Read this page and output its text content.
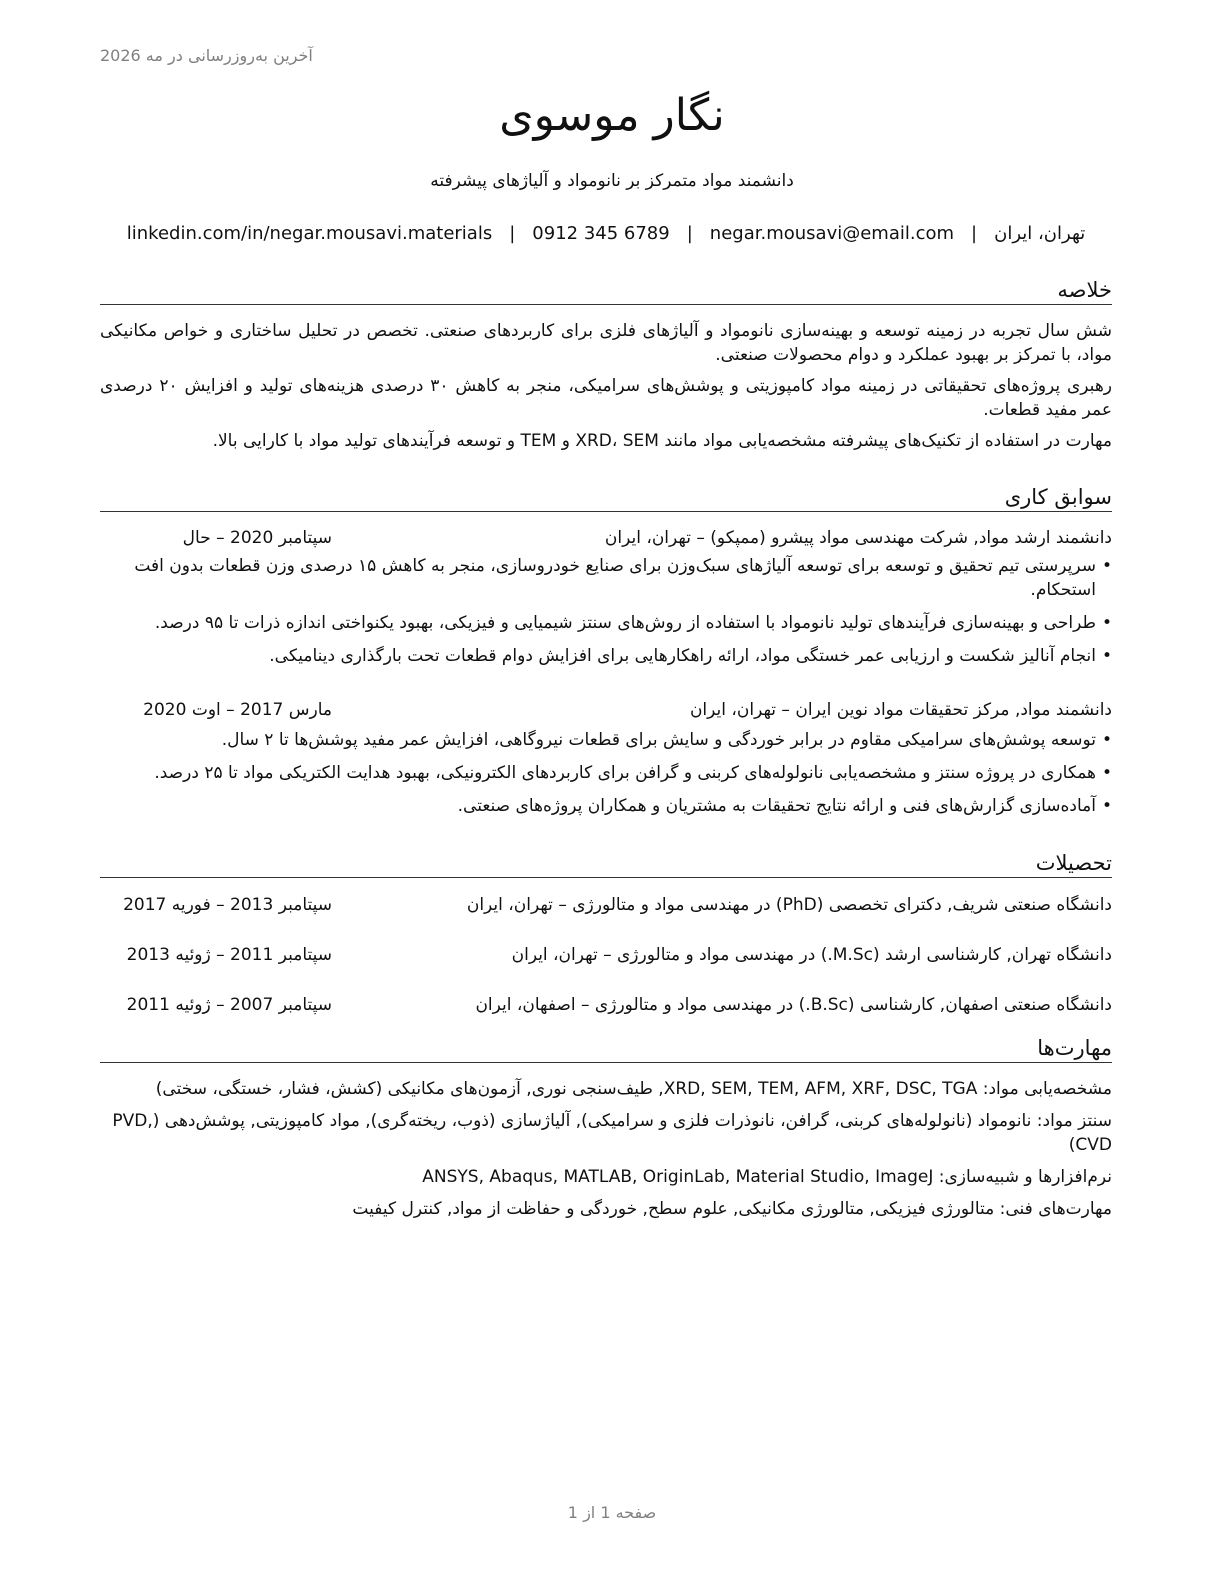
آخرین به‌روزرسانی در مه 2026
نگار موسوی
دانشمند مواد متمرکز بر نانومواد و آلیاژهای پیشرفته
تهران، ایران
|
negar.mousavi@email.com
|
0912 345 6789
|
linkedin.com/in/negar.mousavi.materials
خلاصه

شش سال تجربه در زمینه توسعه و بهینه‌سازی نانومواد و آلیاژهای فلزی برای کاربردهای صنعتی. تخصص در تحلیل ساختاری و خواص مکانیکی مواد، با تمرکز بر بهبود عملکرد و دوام محصولات صنعتی.

رهبری پروژه‌های تحقیقاتی در زمینه مواد کامپوزیتی و پوشش‌های سرامیکی، منجر به کاهش ۳۰ درصدی هزینه‌های تولید و افزایش ۲۰ درصدی عمر مفید قطعات.

مهارت در استفاده از تکنیک‌های پیشرفته مشخصه‌یابی مواد مانند XRD، SEM و TEM و توسعه فرآیندهای تولید مواد با کارایی بالا.

سوابق کاری
دانشمند ارشد مواد, شرکت مهندسی مواد پیشرو (ممپکو) – تهران، ایران
سپتامبر 2020 – حال
• سرپرستی تیم تحقیق و توسعه برای توسعه آلیاژهای سبک‌وزن برای صنایع خودروسازی، منجر به کاهش ۱۵ درصدی وزن قطعات بدون افت استحکام.
• طراحی و بهینه‌سازی فرآیندهای تولید نانومواد با استفاده از روش‌های سنتز شیمیایی و فیزیکی، بهبود یکنواختی اندازه ذرات تا ۹۵ درصد.
• انجام آنالیز شکست و ارزیابی عمر خستگی مواد، ارائه راهکارهایی برای افزایش دوام قطعات تحت بارگذاری دینامیکی.
دانشمند مواد, مرکز تحقیقات مواد نوین ایران – تهران، ایران
مارس 2017 – اوت 2020
• توسعه پوشش‌های سرامیکی مقاوم در برابر خوردگی و سایش برای قطعات نیروگاهی، افزایش عمر مفید پوشش‌ها تا ۲ سال.
• همکاری در پروژه سنتز و مشخصه‌یابی نانولوله‌های کربنی و گرافن برای کاربردهای الکترونیکی، بهبود هدایت الکتریکی مواد تا ۲۵ درصد.
• آماده‌سازی گزارش‌های فنی و ارائه نتایج تحقیقات به مشتریان و همکاران پروژه‌های صنعتی.
تحصیلات
دانشگاه صنعتی شریف, دکترای تخصصی (PhD) در مهندسی مواد و متالورژی – تهران، ایران
سپتامبر 2013 – فوریه 2017
دانشگاه تهران, کارشناسی ارشد (M.Sc.) در مهندسی مواد و متالورژی – تهران، ایران
سپتامبر 2011 – ژوئیه 2013
دانشگاه صنعتی اصفهان, کارشناسی (B.Sc.) در مهندسی مواد و متالورژی – اصفهان، ایران
سپتامبر 2007 – ژوئیه 2011
مهارت‌ها
مشخصه‌یابی مواد: XRD, SEM, TEM, AFM, XRF, DSC, TGA, طیف‌سنجی نوری, آزمون‌های مکانیکی (کشش، فشار، خستگی، سختی)
سنتز مواد: نانومواد (نانولوله‌های کربنی، گرافن، نانوذرات فلزی و سرامیکی), آلیاژسازی (ذوب، ریخته‌گری), مواد کامپوزیتی, پوشش‌دهی (PVD, CVD)
نرم‌افزارها و شبیه‌سازی: ANSYS, Abaqus, MATLAB, OriginLab, Material Studio, ImageJ
مهارت‌های فنی: متالورژی فیزیکی, متالورژی مکانیکی, علوم سطح, خوردگی و حفاظت از مواد, کنترل کیفیت
صفحه 1 از 1
